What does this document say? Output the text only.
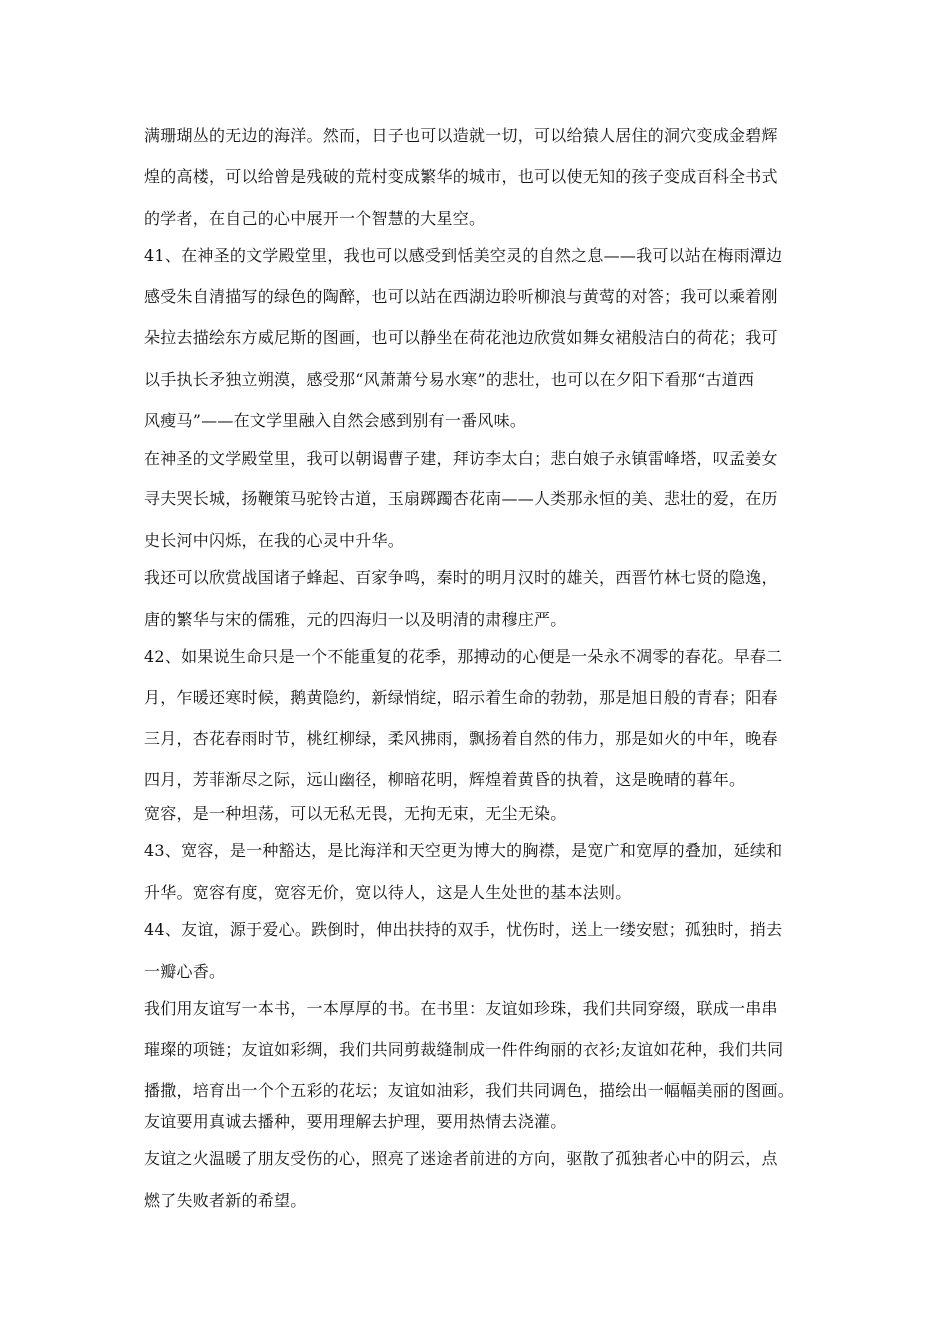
满珊瑚丛的无边的海洋。然而，日子也可以造就一切，可以给猿人居住的洞穴变成金碧辉
煌的高楼，可以给曾是残破的荒村变成繁华的城市，也可以使无知的孩子变成百科全书式
的学者，在自己的心中展开一个智慧的大星空。
41、在神圣的文学殿堂里，我也可以感受到恬美空灵的自然之息——我可以站在梅雨潭边
感受朱自清描写的绿色的陶醉，也可以站在西湖边聆听柳浪与黄莺的对答；我可以乘着刚
朵拉去描绘东方威尼斯的图画，也可以静坐在荷花池边欣赏如舞女裙般洁白的荷花；我可
以手执长矛独立朔漠，感受那“风萧萧兮易水寒”的悲壮，也可以在夕阳下看那“古道西
风瘦马”——在文学里融入自然会感到别有一番风味。
在神圣的文学殿堂里，我可以朝谒曹子建，拜访李太白；悲白娘子永镇雷峰塔，叹孟姜女
寻夫哭长城，扬鞭策马驼铃古道，玉扇踯躅杏花南——人类那永恒的美、悲壮的爱，在历
史长河中闪烁，在我的心灵中升华。
我还可以欣赏战国诸子蜂起、百家争鸣，秦时的明月汉时的雄关，西晋竹林七贤的隐逸，
唐的繁华与宋的儒雅，元的四海归一以及明清的肃穆庄严。
42、如果说生命只是一个不能重复的花季，那搏动的心便是一朵永不凋零的春花。早春二
月，乍暖还寒时候，鹅黄隐约，新绿悄绽，昭示着生命的勃勃，那是旭日般的青春；阳春
三月，杏花春雨时节，桃红柳绿，柔风拂雨，飘扬着自然的伟力，那是如火的中年，晚春
四月，芳菲渐尽之际，远山幽径，柳暗花明，辉煌着黄昏的执着，这是晚晴的暮年。
宽容，是一种坦荡，可以无私无畏，无拘无束，无尘无染。
43、宽容，是一种豁达，是比海洋和天空更为博大的胸襟，是宽广和宽厚的叠加，延续和
升华。宽容有度，宽容无价，宽以待人，这是人生处世的基本法则。
44、友谊，源于爱心。跌倒时，伸出扶持的双手，忧伤时，送上一缕安慰；孤独时，捎去
一瓣心香。
我们用友谊写一本书，一本厚厚的书。在书里：友谊如珍珠，我们共同穿缀，联成一串串
璀璨的项链；友谊如彩绸，我们共同剪裁缝制成一件件绚丽的衣衫;友谊如花种，我们共同
播撒，培育出一个个五彩的花坛；友谊如油彩，我们共同调色，描绘出一幅幅美丽的图画。
友谊要用真诚去播种，要用理解去护理，要用热情去浇灌。
友谊之火温暖了朋友受伤的心，照亮了迷途者前进的方向，驱散了孤独者心中的阴云，点
燃了失败者新的希望。
